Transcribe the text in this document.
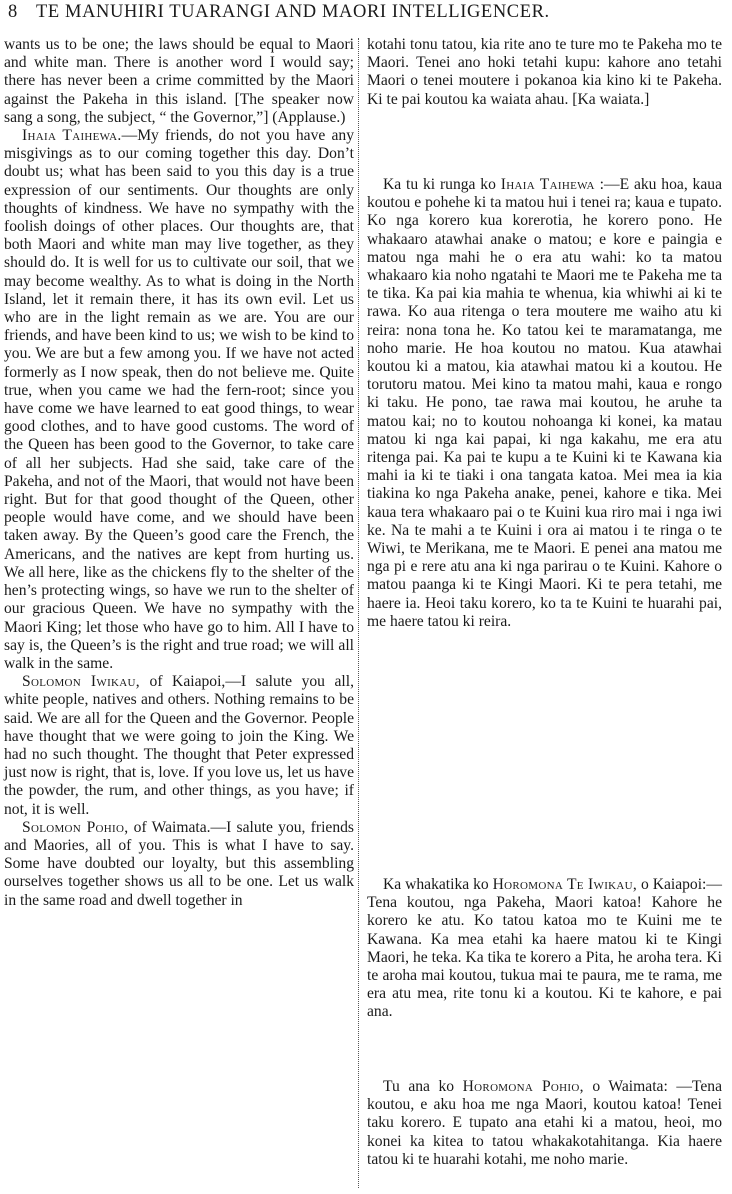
8 TE MANUHIRI TUARANGI AND MAORI INTELLIGENCER.

wants us to be one; the laws should be equal to Maori and white man. There is another word I would say; there has never been a crime committed by the Maori against the Pakeha in this island. [The speaker now sang a song, the subject, “ the Governor,”] (Applause.)

Ihaia Taihewa.—My friends, do not you have any misgivings as to our coming together this day. Don’t doubt us; what has been said to you this day is a true expression of our sentiments. Our thoughts are only thoughts of kindness. We have no sympathy with the foolish doings of other places. Our thoughts are, that both Maori and white man may live together, as they should do. It is well for us to cultivate our soil, that we may become wealthy. As to what is doing in the North Island, let it remain there, it has its own evil. Let us who are in the light remain as we are. You are our friends, and have been kind to us; we wish to be kind to you. We are but a few among you. If we have not acted formerly as I now speak, then do not believe me. Quite true, when you came we had the fern-root; since you have come we have learned to eat good things, to wear good clothes, and to have good customs. The word of the Queen has been good to the Governor, to take care of all her subjects. Had she said, take care of the Pakeha, and not of the Maori, that would not have been right. But for that good thought of the Queen, other people would have come, and we should have been taken away. By the Queen’s good care the French, the Americans, and the natives are kept from hurting us. We all here, like as the chickens fly to the shelter of the hen’s protecting wings, so have we run to the shelter of our gracious Queen. We have no sympathy with the Maori King; let those who have go to him. All I have to say is, the Queen’s is the right and true road; we will all walk in the same.

Solomon Iwikau, of Kaiapoi,—I salute you all, white people, natives and others. Nothing remains to be said. We are all for the Queen and the Governor. People have thought that we were going to join the King. We had no such thought. The thought that Peter expressed just now is right, that is, love. If you love us, let us have the powder, the rum, and other things, as you have; if not, it is well.

Solomon Pohio, of Waimata.—I salute you, friends and Maories, all of you. This is what I have to say. Some have doubted our loyalty, but this assembling ourselves together shows us all to be one. Let us walk in the same road and dwell together in

kotahi tonu tatou, kia rite ano te ture mo te Pakeha mo te Maori. Tenei ano hoki tetahi kupu: kahore ano tetahi Maori o tenei moutere i pokanoa kia kino ki te Pakeha. Ki te pai koutou ka waiata ahau. [Ka waiata.]

Ka tu ki runga ko Ihaia Taihewa :—E aku hoa, kaua koutou e pohehe ki ta matou hui i tenei ra; kaua e tupato. Ko nga korero kua korerotia, he korero pono. He whakaaro atawhai anake o matou; e kore e paingia e matou nga mahi he o era atu wahi: ko ta matou whakaaro kia noho ngatahi te Maori me te Pakeha me ta te tika. Ka pai kia mahia te whenua, kia whiwhi ai ki te rawa. Ko aua ritenga o tera moutere me waiho atu ki reira: nona tona he. Ko tatou kei te maramatanga, me noho marie. He hoa koutou no matou. Kua atawhai koutou ki a matou, kia atawhai matou ki a koutou. He torutoru matou. Mei kino ta matou mahi, kaua e rongo ki taku. He pono, tae rawa mai koutou, he aruhe ta matou kai; no to koutou nohoanga ki konei, ka matau matou ki nga kai papai, ki nga kakahu, me era atu ritenga pai. Ka pai te kupu a te Kuini ki te Kawana kia mahi ia ki te tiaki i ona tangata katoa. Mei mea ia kia tiakina ko nga Pakeha anake, penei, kahore e tika. Mei kaua tera whakaaro pai o te Kuini kua riro mai i nga iwi ke. Na te mahi a te Kuini i ora ai matou i te ringa o te Wiwi, te Merikana, me te Maori. E penei ana matou me nga pi e rere atu ana ki nga parirau o te Kuini. Kahore o matou paanga ki te Kingi Maori. Ki te pera tetahi, me haere ia. Heoi taku korero, ko ta te Kuini te huarahi pai, me haere tatou ki reira.

Ka whakatika ko Horomona Te Iwikau, o Kaiapoi:—Tena koutou, nga Pakeha, Maori katoa! Kahore he korero ke atu. Ko tatou katoa mo te Kuini me te Kawana. Ka mea etahi ka haere matou ki te Kingi Maori, he teka. Ka tika te korero a Pita, he aroha tera. Ki te aroha mai koutou, tukua mai te paura, me te rama, me era atu mea, rite tonu ki a koutou. Ki te kahore, e pai ana.

Tu ana ko Horomona Pohio, o Waimata: —Tena koutou, e aku hoa me nga Maori, koutou katoa! Tenei taku korero. E tupato ana etahi ki a matou, heoi, mo konei ka kitea to tatou whakakotahitanga. Kia haere tatou ki te huarahi kotahi, me noho marie.
